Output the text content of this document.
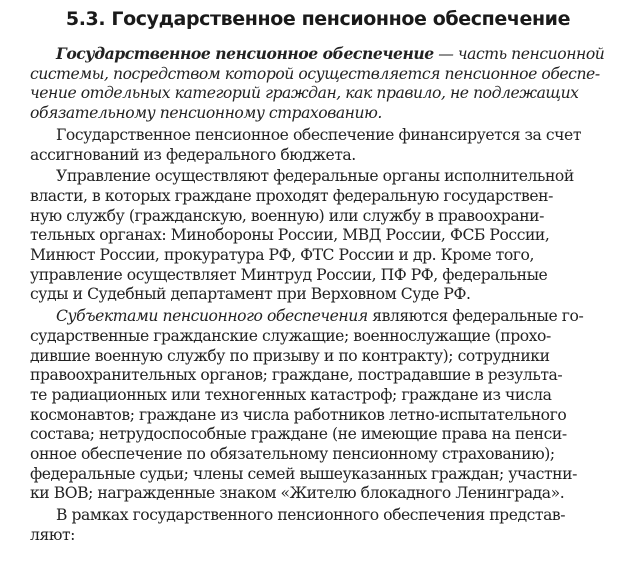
5.3. Государственное пенсионное обеспечение
Государственное пенсионное обеспечение — часть пенсионной
системы, посредством которой осуществляется пенсионное обеспе-
чение отдельных категорий граждан, как правило, не подлежащих
обязательному пенсионному страхованию.
Государственное пенсионное обеспечение финансируется за счет
ассигнований из федерального бюджета.
Управление осуществляют федеральные органы исполнительной
власти, в которых граждане проходят федеральную государствен-
ную службу (гражданскую, военную) или службу в правоохрани-
тельных органах: Минобороны России, МВД России, ФСБ России,
Минюст России, прокуратура РФ, ФТС России и др. Кроме того,
управление осуществляет Минтруд России, ПФ РФ, федеральные
суды и Судебный департамент при Верховном Суде РФ.
Субъектами пенсионного обеспечения являются федеральные го-
сударственные гражданские служащие; военнослужащие (прохо-
дившие военную службу по призыву и по контракту); сотрудники
правоохранительных органов; граждане, пострадавшие в результа-
те радиационных или техногенных катастроф; граждане из числа
космонавтов; граждане из числа работников летно-испытательного
состава; нетрудоспособные граждане (не имеющие права на пенси-
онное обеспечение по обязательному пенсионному страхованию);
федеральные судьи; члены семей вышеуказанных граждан; участни-
ки ВОВ; награжденные знаком «Жителю блокадного Ленинграда».
В рамках государственного пенсионного обеспечения представ-
ляют:
